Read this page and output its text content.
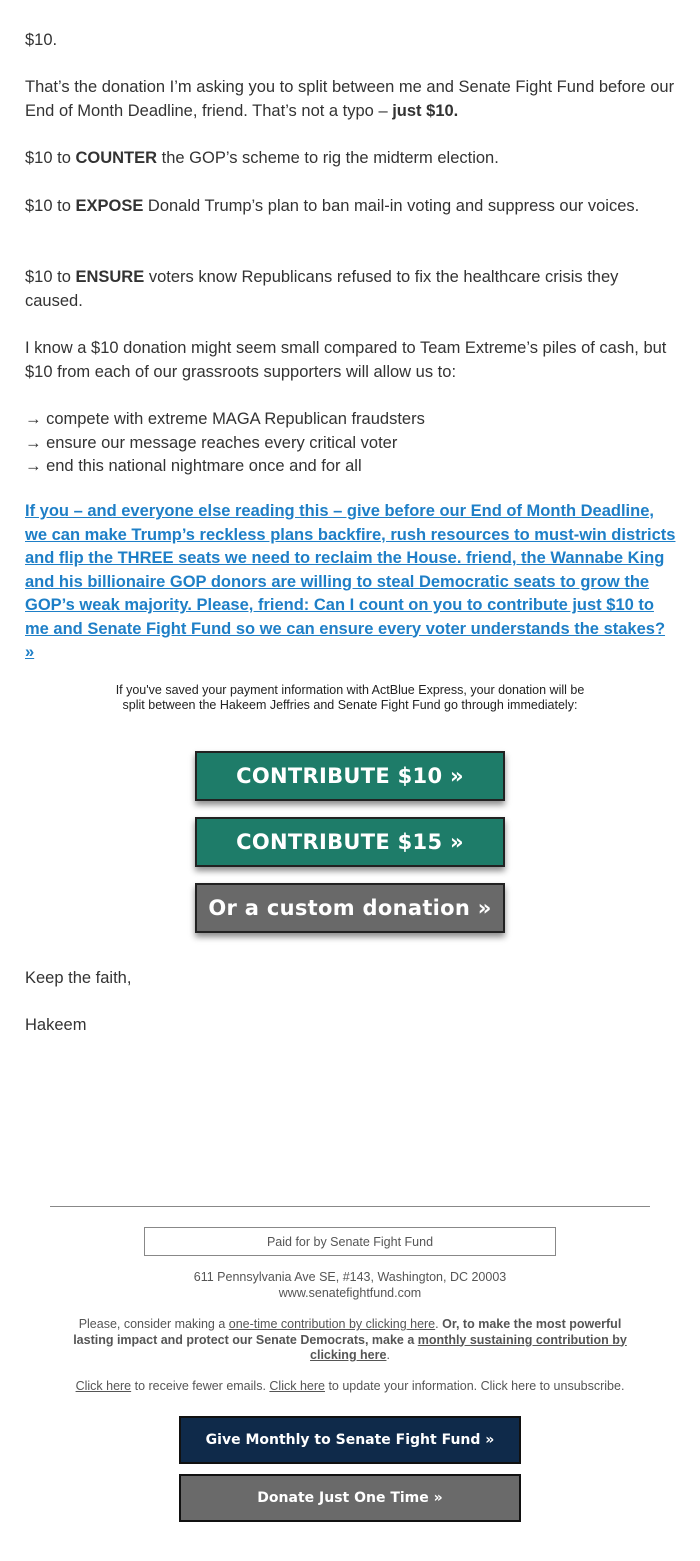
$10.

That’s the donation I’m asking you to split between me and Senate Fight Fund before our End of Month Deadline, friend. That’s not a typo – just $10.

$10 to COUNTER the GOP’s scheme to rig the midterm election.

$10 to EXPOSE Donald Trump’s plan to ban mail-in voting and suppress our voices.

$10 to ENSURE voters know Republicans refused to fix the healthcare crisis they caused.

I know a $10 donation might seem small compared to Team Extreme’s piles of cash, but $10 from each of our grassroots supporters will allow us to:

→ compete with extreme MAGA Republican fraudsters
→ ensure our message reaches every critical voter
→ end this national nightmare once and for all

If you – and everyone else reading this – give before our End of Month Deadline, we can make Trump’s reckless plans backfire, rush resources to must-win districts and flip the THREE seats we need to reclaim the House. friend, the Wannabe King and his billionaire GOP donors are willing to steal Democratic seats to grow the GOP’s weak majority. Please, friend: Can I count on you to contribute just $10 to me and Senate Fight Fund so we can ensure every voter understands the stakes? »
If you've saved your payment information with ActBlue Express, your donation will be split between the Hakeem Jeffries and Senate Fight Fund go through immediately:
CONTRIBUTE $10 »
CONTRIBUTE $15 »
Or a custom donation »

Keep the faith,

Hakeem

Paid for by Senate Fight Fund
611 Pennsylvania Ave SE, #143, Washington, DC 20003
www.senatefightfund.com
Please, consider making a one-time contribution by clicking here. Or, to make the most powerful lasting impact and protect our Senate Democrats, make a monthly sustaining contribution by clicking here.
Click here to receive fewer emails. Click here to update your information. Click here to unsubscribe.
Give Monthly to Senate Fight Fund »
Donate Just One Time »
